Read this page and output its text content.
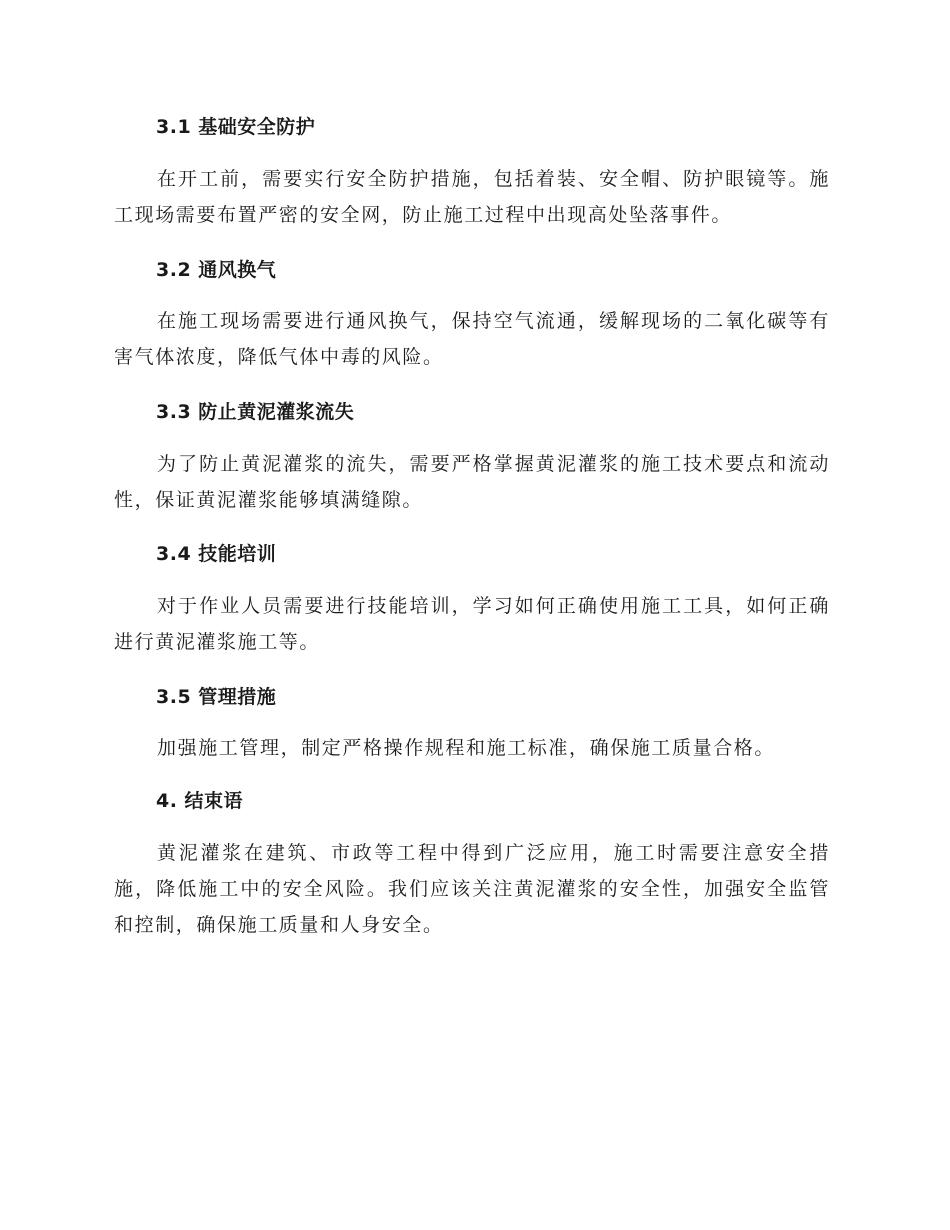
3.1 基础安全防护

在开工前，需要实行安全防护措施，包括着装、安全帽、防护眼镜等。施工现场需要布置严密的安全网，防止施工过程中出现高处坠落事件。

3.2 通风换气

在施工现场需要进行通风换气，保持空气流通，缓解现场的二氧化碳等有害气体浓度，降低气体中毒的风险。

3.3 防止黄泥灌浆流失

为了防止黄泥灌浆的流失，需要严格掌握黄泥灌浆的施工技术要点和流动性，保证黄泥灌浆能够填满缝隙。

3.4 技能培训

对于作业人员需要进行技能培训，学习如何正确使用施工工具，如何正确进行黄泥灌浆施工等。

3.5 管理措施

加强施工管理，制定严格操作规程和施工标准，确保施工质量合格。

4. 结束语

黄泥灌浆在建筑、市政等工程中得到广泛应用，施工时需要注意安全措施，降低施工中的安全风险。我们应该关注黄泥灌浆的安全性，加强安全监管和控制，确保施工质量和人身安全。
